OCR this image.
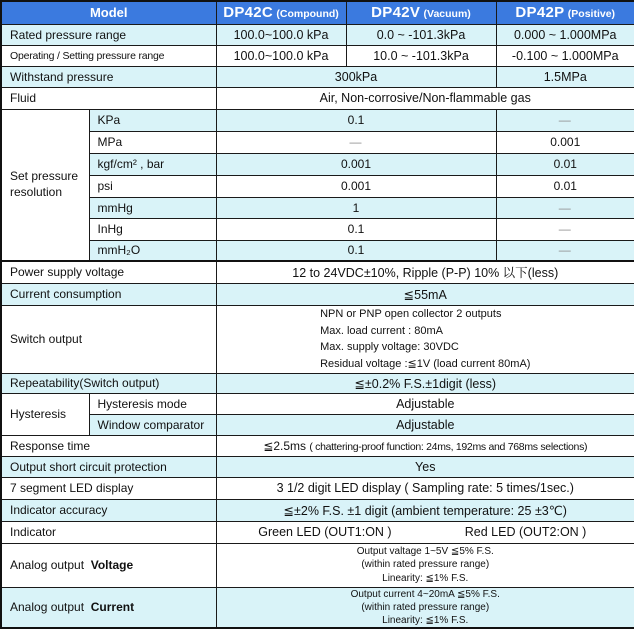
Model		DP42C (Compound)	DP42V (Vacuum)	DP42P (Positive)
Rated pressure range		100.0~100.0 kPa	0.0 ~ -101.3kPa	0.000 ~ 1.000MPa
Operating / Setting pressure range		100.0~100.0 kPa	10.0 ~ -101.3kPa	-0.100 ~ 1.000MPa
Withstand pressure		300kPa		1.5MPa
Fluid		Air, Non-corrosive/Non-flammable gas		
Set pressure
resolution	KPa	0.1		—
	MPa	—		0.001
	kgf/cm² , bar	0.001		0.01
	psi	0.001		0.01
	mmHg	1		—
	InHg	0.1		—
	mmH₂O	0.1		—
Power supply voltage		12 to 24VDC±10%, Ripple (P-P) 10% 以下(less)		
Current consumption		≦55mA		
Switch output		NPN or PNP open collector 2 outputs
Max. load current : 80mA
Max. supply voltage: 30VDC
Residual voltage :≦1V (load current 80mA)		
Repeatability(Switch output)		≦±0.2% F.S.±1digit (less)		
Hysteresis	Hysteresis mode	Adjustable		
	Window comparator	Adjustable		
Response time		≦2.5ms ( chattering-proof function: 24ms, 192ms and 768ms selections)		
Output short circuit protection		Yes		
7 segment LED display		3 1/2 digit LED display ( Sampling rate: 5 times/1sec.)		
Indicator accuracy		≦±2% F.S. ±1 digit (ambient temperature: 25 ±3℃)		
Indicator		Green LED (OUT1:ON ) Red LED (OUT2:ON )		
Analog output Voltage		Output valtage 1~5V ≦5% F.S.
(within rated pressure range)
Linearity: ≦1% F.S.		
Analog output Current		Output current 4~20mA ≦5% F.S.
(within rated pressure range)
Linearity: ≦1% F.S.		
